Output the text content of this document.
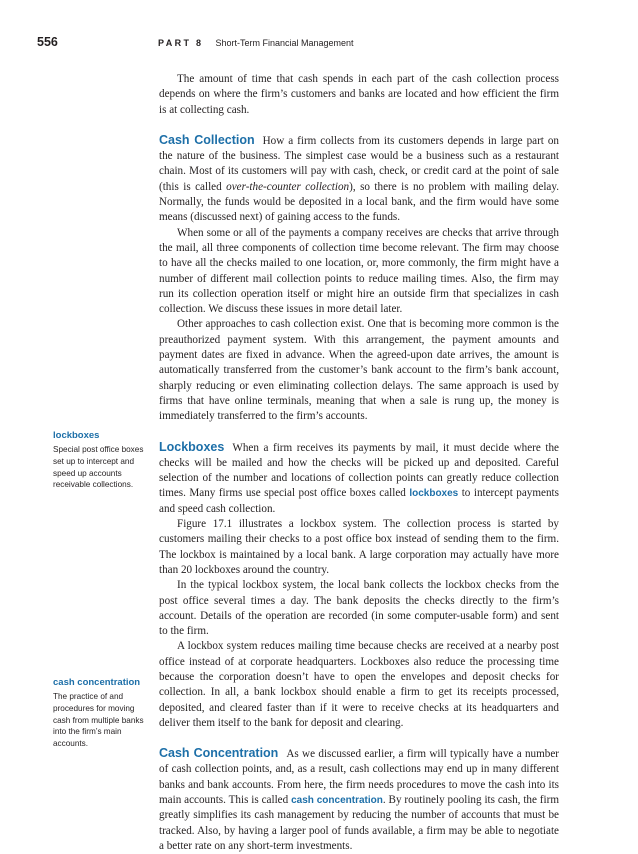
556	PART 8 Short-Term Financial Management

The amount of time that cash spends in each part of the cash collection process depends on where the firm’s customers and banks are located and how efficient the firm is at collecting cash.

Cash Collection How a firm collects from its customers depends in large part on the nature of the business. The simplest case would be a business such as a restaurant chain. Most of its customers will pay with cash, check, or credit card at the point of sale (this is called over-the-counter collection), so there is no problem with mailing delay. Normally, the funds would be deposited in a local bank, and the firm would have some means (discussed next) of gaining access to the funds.

When some or all of the payments a company receives are checks that arrive through the mail, all three components of collection time become relevant. The firm may choose to have all the checks mailed to one location, or, more commonly, the firm might have a number of different mail collection points to reduce mailing times. Also, the firm may run its collection operation itself or might hire an outside firm that specializes in cash collection. We discuss these issues in more detail later.

Other approaches to cash collection exist. One that is becoming more common is the preauthorized payment system. With this arrangement, the payment amounts and payment dates are fixed in advance. When the agreed-upon date arrives, the amount is automatically transferred from the customer’s bank account to the firm’s bank account, sharply reducing or even eliminating collection delays. The same approach is used by firms that have online terminals, meaning that when a sale is rung up, the money is immediately transferred to the firm’s accounts.

Lockboxes When a firm receives its payments by mail, it must decide where the checks will be mailed and how the checks will be picked up and deposited. Careful selection of the number and locations of collection points can greatly reduce collection times. Many firms use special post office boxes called lockboxes to intercept payments and speed cash collection.

Figure 17.1 illustrates a lockbox system. The collection process is started by customers mailing their checks to a post office box instead of sending them to the firm. The lockbox is maintained by a local bank. A large corporation may actually have more than 20 lockboxes around the country.

In the typical lockbox system, the local bank collects the lockbox checks from the post office several times a day. The bank deposits the checks directly to the firm’s account. Details of the operation are recorded (in some computer-usable form) and sent to the firm.

A lockbox system reduces mailing time because checks are received at a nearby post office instead of at corporate headquarters. Lockboxes also reduce the processing time because the corporation doesn’t have to open the envelopes and deposit checks for collection. In all, a bank lockbox should enable a firm to get its receipts processed, deposited, and cleared faster than if it were to receive checks at its headquarters and deliver them itself to the bank for deposit and clearing.

Cash Concentration As we discussed earlier, a firm will typically have a number of cash collection points, and, as a result, cash collections may end up in many different banks and bank accounts. From here, the firm needs procedures to move the cash into its main accounts. This is called cash concentration. By routinely pooling its cash, the firm greatly simplifies its cash management by reducing the number of accounts that must be tracked. Also, by having a larger pool of funds available, a firm may be able to negotiate a better rate on any short-term investments.

lockboxes
Special post office boxes set up to intercept and speed up accounts receivable collections.
cash concentration
The practice of and procedures for moving cash from multiple banks into the firm’s main accounts.
